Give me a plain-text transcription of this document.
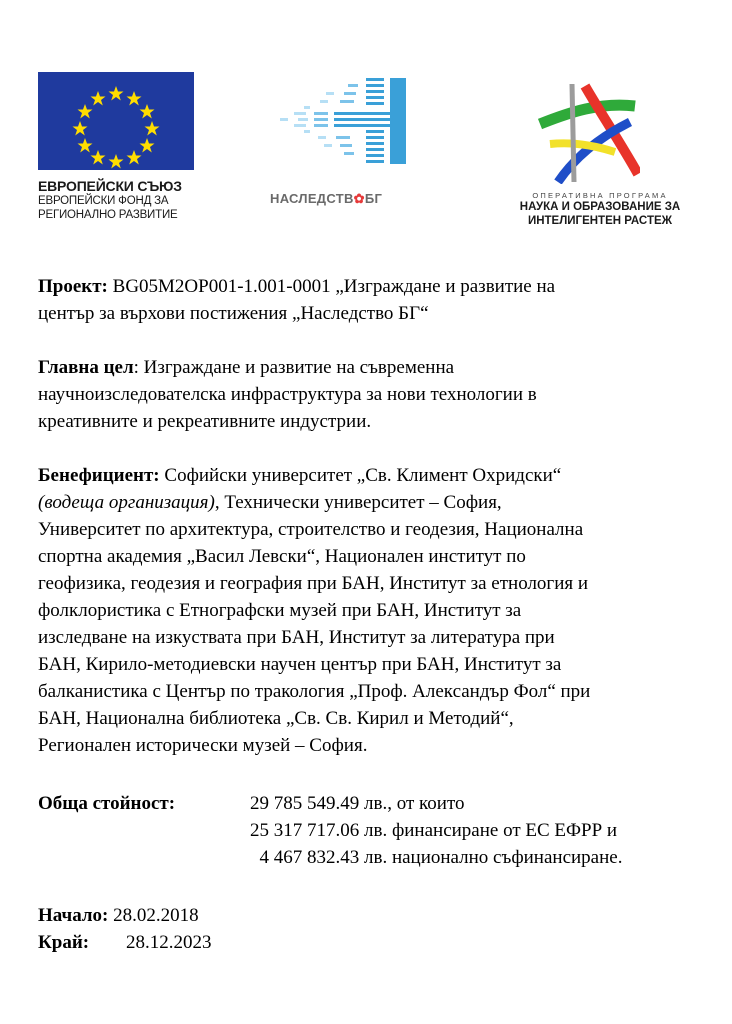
ЕВРОПЕЙСКИ СЪЮЗ
ЕВРОПЕЙСКИ ФОНД ЗА
РЕГИОНАЛНО РАЗВИТИЕ
НАСЛЕДСТВ✿БГ	ОПЕРАТИВНА ПРОГРАМА
НАУКА И ОБРАЗОВАНИЕ ЗА
ИНТЕЛИГЕНТЕН РАСТЕЖ
Проект: BG05M2OP001-1.001-0001 „Изграждане и развитие на
център за върхови постижения „Наследство БГ“
Главна цел: Изграждане и развитие на съвременна
научноизследователска инфраструктура за нови технологии в
креативните и рекреативните индустрии.
Бенефициент: Софийски университет „Св. Климент Охридски“
(водеща организация), Технически университет – София,
Университет по архитектура, строителство и геодезия, Национална
спортна академия „Васил Левски“, Национален институт по
геофизика, геодезия и география при БАН, Институт за етнология и
фолклористика с Етнографски музей при БАН, Институт за
изследване на изкуствата при БАН, Институт за литература при
БАН, Кирило-методиевски научен център при БАН, Институт за
балканистика с Център по тракология „Проф. Александър Фол“ при
БАН, Национална библиотека „Св. Св. Кирил и Методий“,
Регионален исторически музей – София.
Обща стойност:	29 785 549.49 лв., от които
25 317 717.06 лв. финансиране от ЕС ЕФРР и
4 467 832.43 лв. национално съфинансиране.
Начало: 28.02.2018
Край: 28.12.2023
